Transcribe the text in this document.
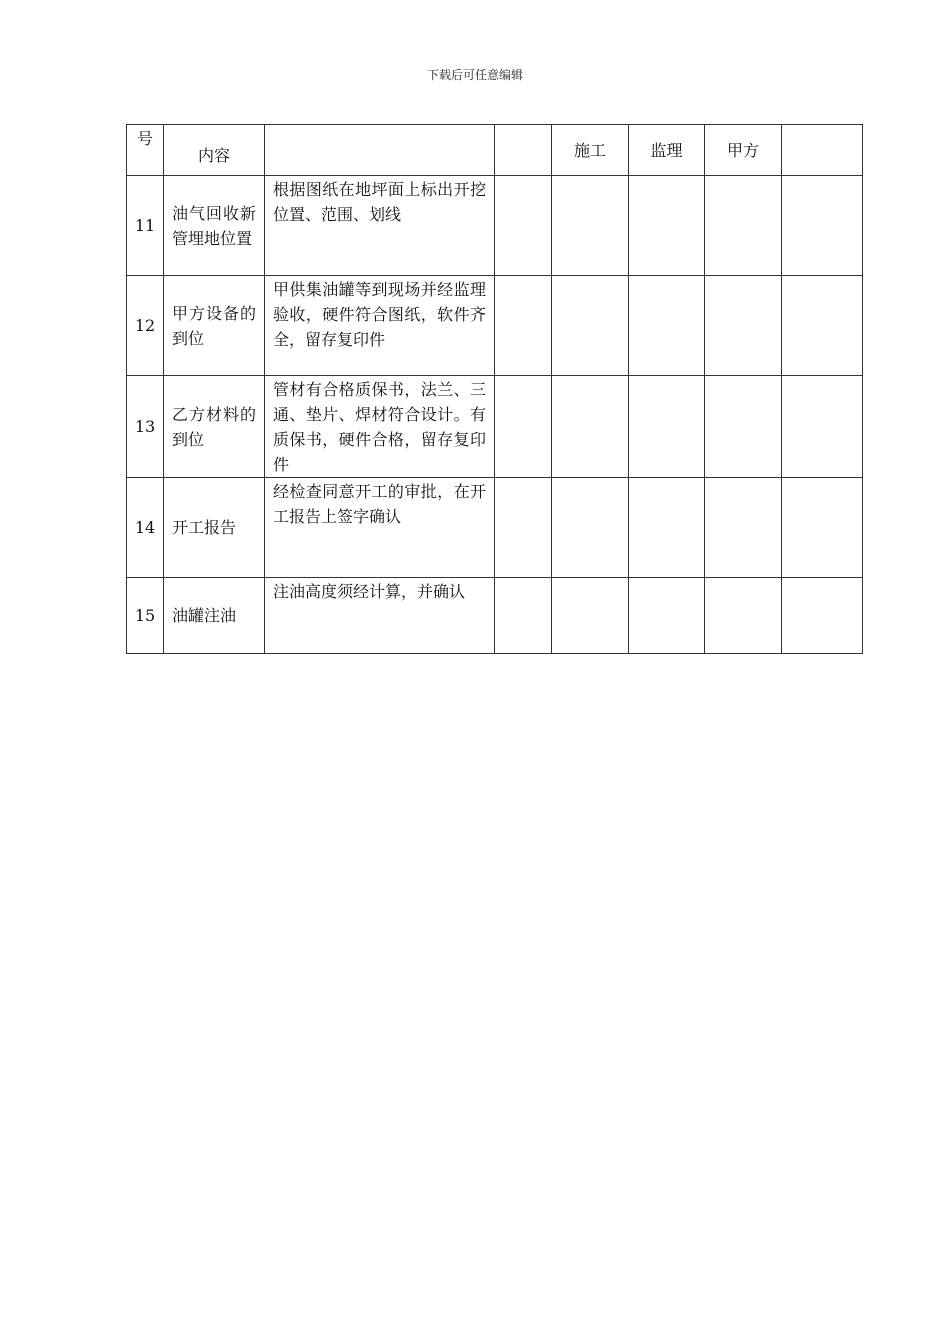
下载后可任意编辑
号	内容			施工	监理	甲方	
11	油气回收新管埋地位置	根据图纸在地坪面上标出开挖位置、范围、划线					
12	甲方设备的到位	甲供集油罐等到现场并经监理验收，硬件符合图纸，软件齐全，留存复印件					
13	乙方材料的到位	管材有合格质保书，法兰、三通、垫片、焊材符合设计。有质保书，硬件合格，留存复印件					
14	开工报告	经检查同意开工的审批，在开工报告上签字确认					
15	油罐注油	注油高度须经计算，并确认					
